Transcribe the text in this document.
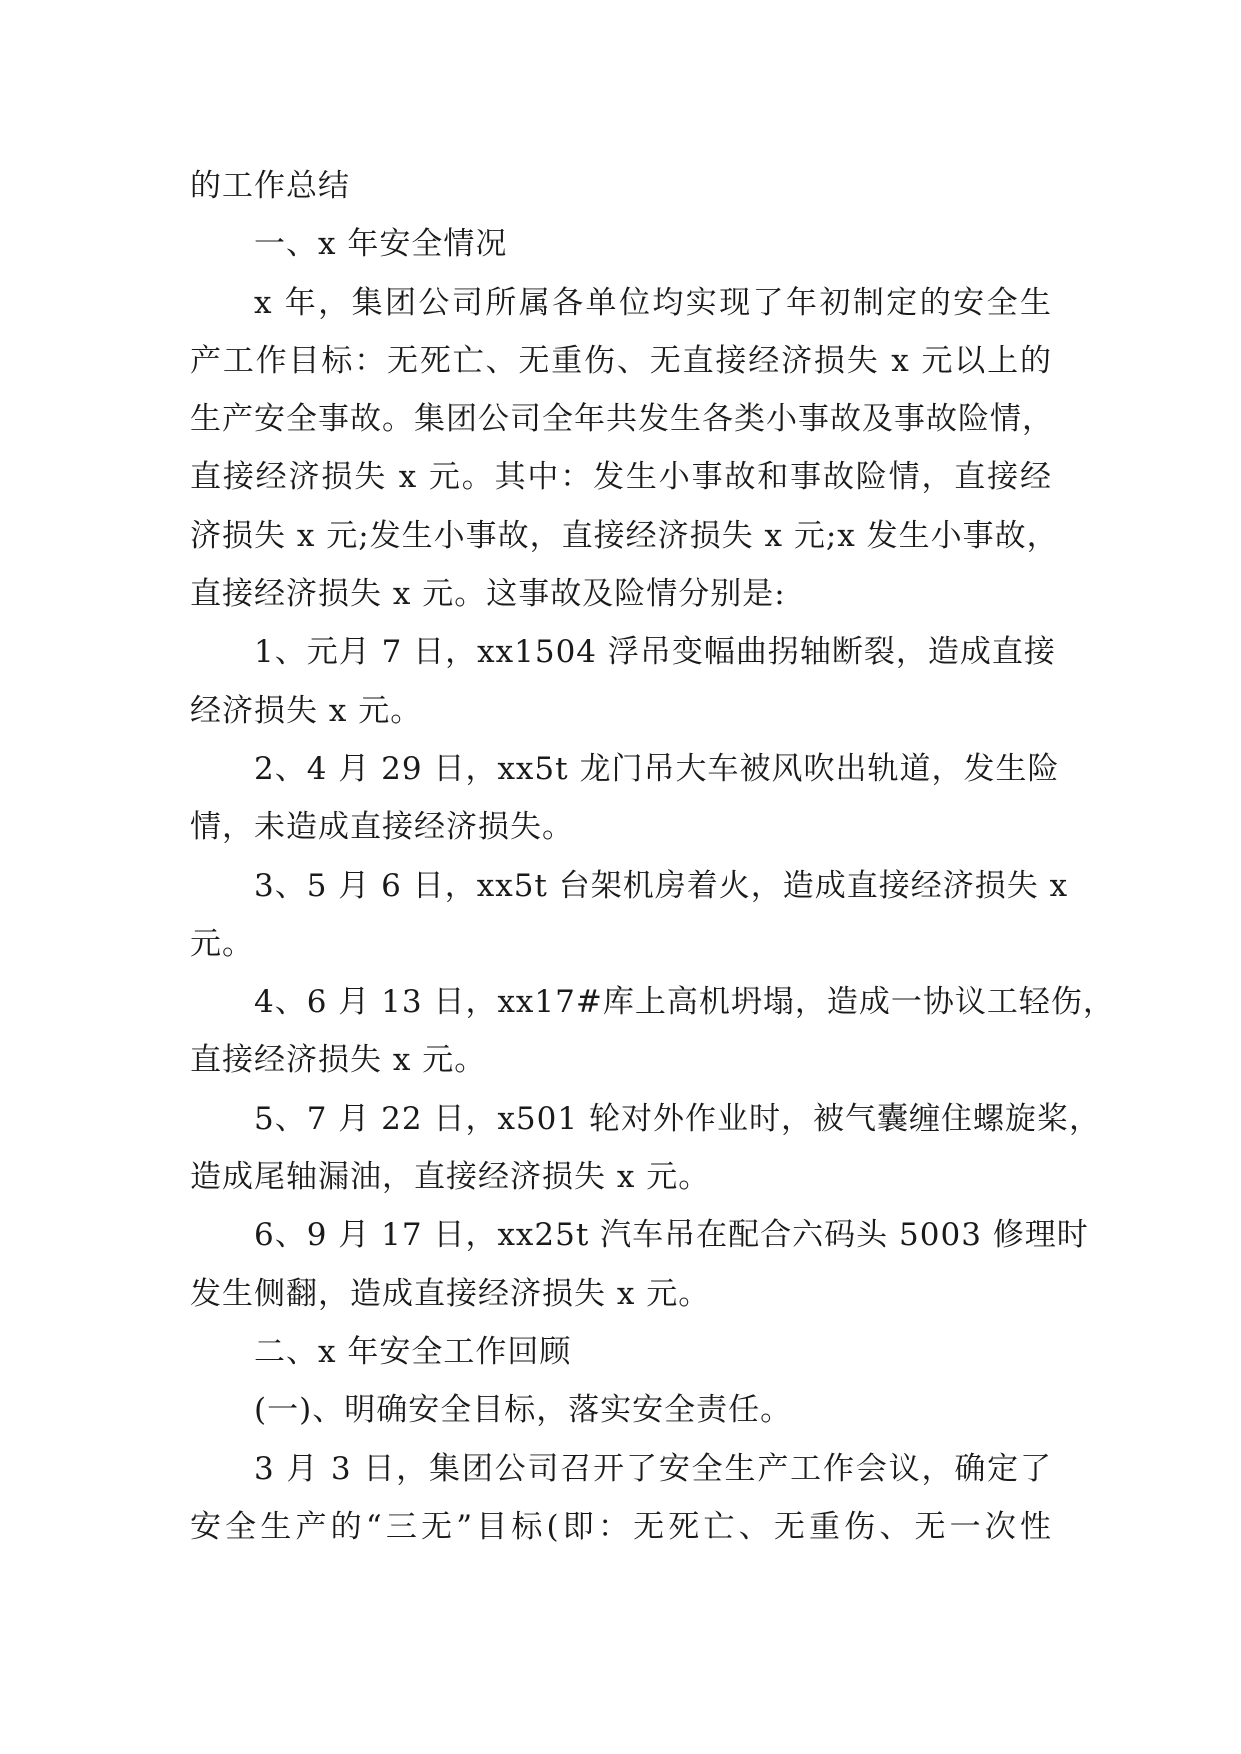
的工作总结
一、x 年安全情况
x 年，集团公司所属各单位均实现了年初制定的安全生
产工作目标：无死亡、无重伤、无直接经济损失 x 元以上的
生产安全事故。集团公司全年共发生各类小事故及事故险情，
直接经济损失 x 元。其中：发生小事故和事故险情，直接经
济损失 x 元;发生小事故，直接经济损失 x 元;x 发生小事故，
直接经济损失 x 元。这事故及险情分别是:
1、元月 7 日，xx1504 浮吊变幅曲拐轴断裂，造成直接
经济损失 x 元。
2、4 月 29 日，xx5t 龙门吊大车被风吹出轨道，发生险
情，未造成直接经济损失。
3、5 月 6 日，xx5t 台架机房着火，造成直接经济损失 x
元。
4、6 月 13 日，xx17#库上高机坍塌，造成一协议工轻伤，
直接经济损失 x 元。
5、7 月 22 日，x501 轮对外作业时，被气囊缠住螺旋桨，
造成尾轴漏油，直接经济损失 x 元。
6、9 月 17 日，xx25t 汽车吊在配合六码头 5003 修理时
发生侧翻，造成直接经济损失 x 元。
二、x 年安全工作回顾
(一)、明确安全目标，落实安全责任。
3 月 3 日，集团公司召开了安全生产工作会议，确定了
安全生产的“三无”目标(即：无死亡、无重伤、无一次性
